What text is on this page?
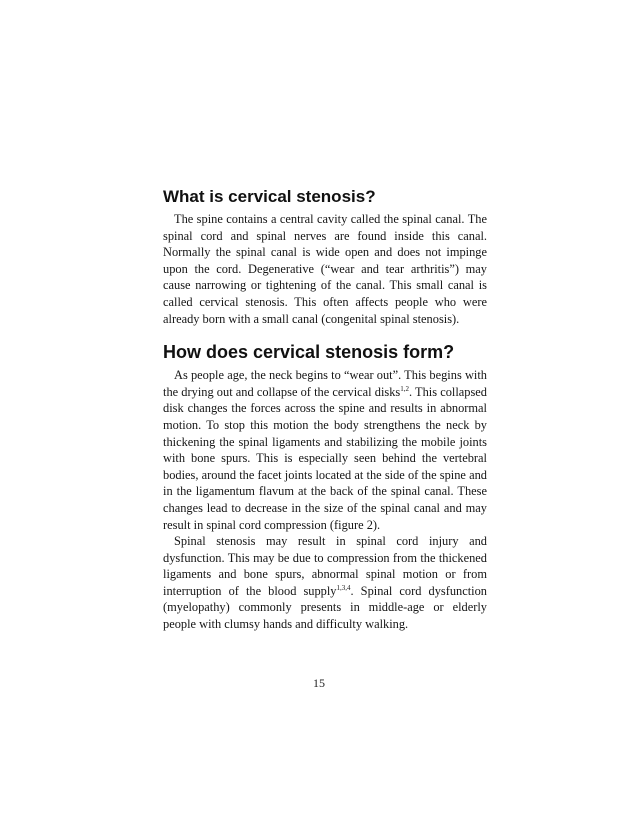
What is cervical stenosis?

The spine contains a central cavity called the spinal canal. The spinal cord and spinal nerves are found inside this canal. Normally the spinal canal is wide open and does not impinge upon the cord. Degenerative (“wear and tear arthritis”) may cause narrowing or tightening of the canal. This small canal is called cervical stenosis. This often affects people who were already born with a small canal (congenital spinal stenosis).

How does cervical stenosis form?

As people age, the neck begins to “wear out”. This begins with the drying out and collapse of the cervical disks$^{1,2}$. This collapsed disk changes the forces across the spine and results in abnormal motion. To stop this motion the body strengthens the neck by thickening the spinal ligaments and stabilizing the mobile joints with bone spurs. This is especially seen behind the vertebral bodies, around the facet joints located at the side of the spine and in the ligamentum flavum at the back of the spinal canal. These changes lead to decrease in the size of the spinal canal and may result in spinal cord compression (figure 2).

Spinal stenosis may result in spinal cord injury and dysfunction. This may be due to compression from the thickened ligaments and bone spurs, abnormal spinal motion or from interruption of the blood supply$^{1,3,4}$. Spinal cord dysfunction (myelopathy) commonly presents in middle-age or elderly people with clumsy hands and difficulty walking.

15
